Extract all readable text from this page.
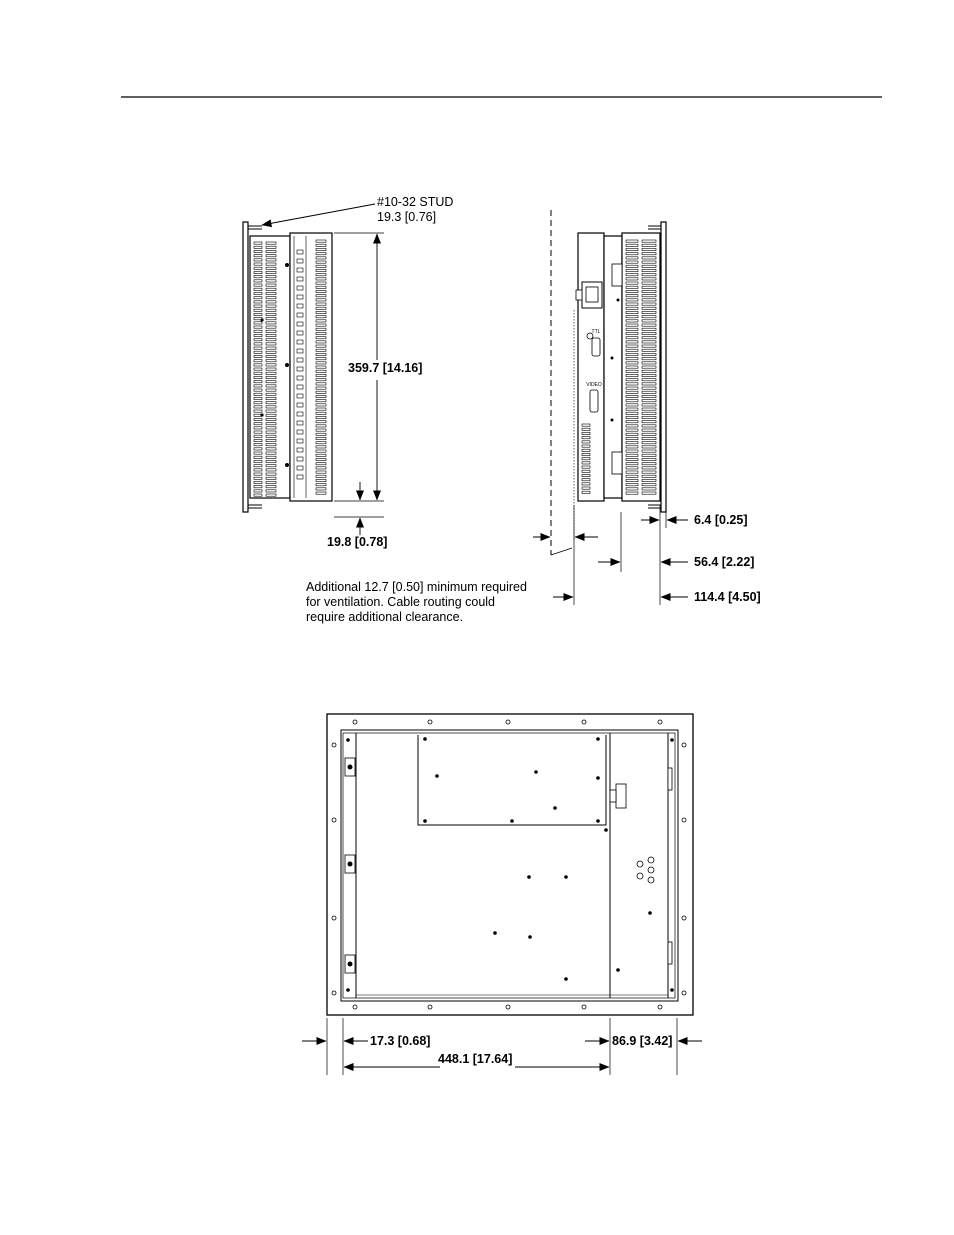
#10-32 STUD
19.3 [0.76]
359.7 [14.16]
19.8 [0.78]
TTL
VIDEO
6.4 [0.25]
56.4 [2.22]
114.4 [4.50]
Additional 12.7 [0.50] minimum required
for ventilation. Cable routing could
require additional clearance.
17.3 [0.68]	86.9 [3.42]
448.1 [17.64]
